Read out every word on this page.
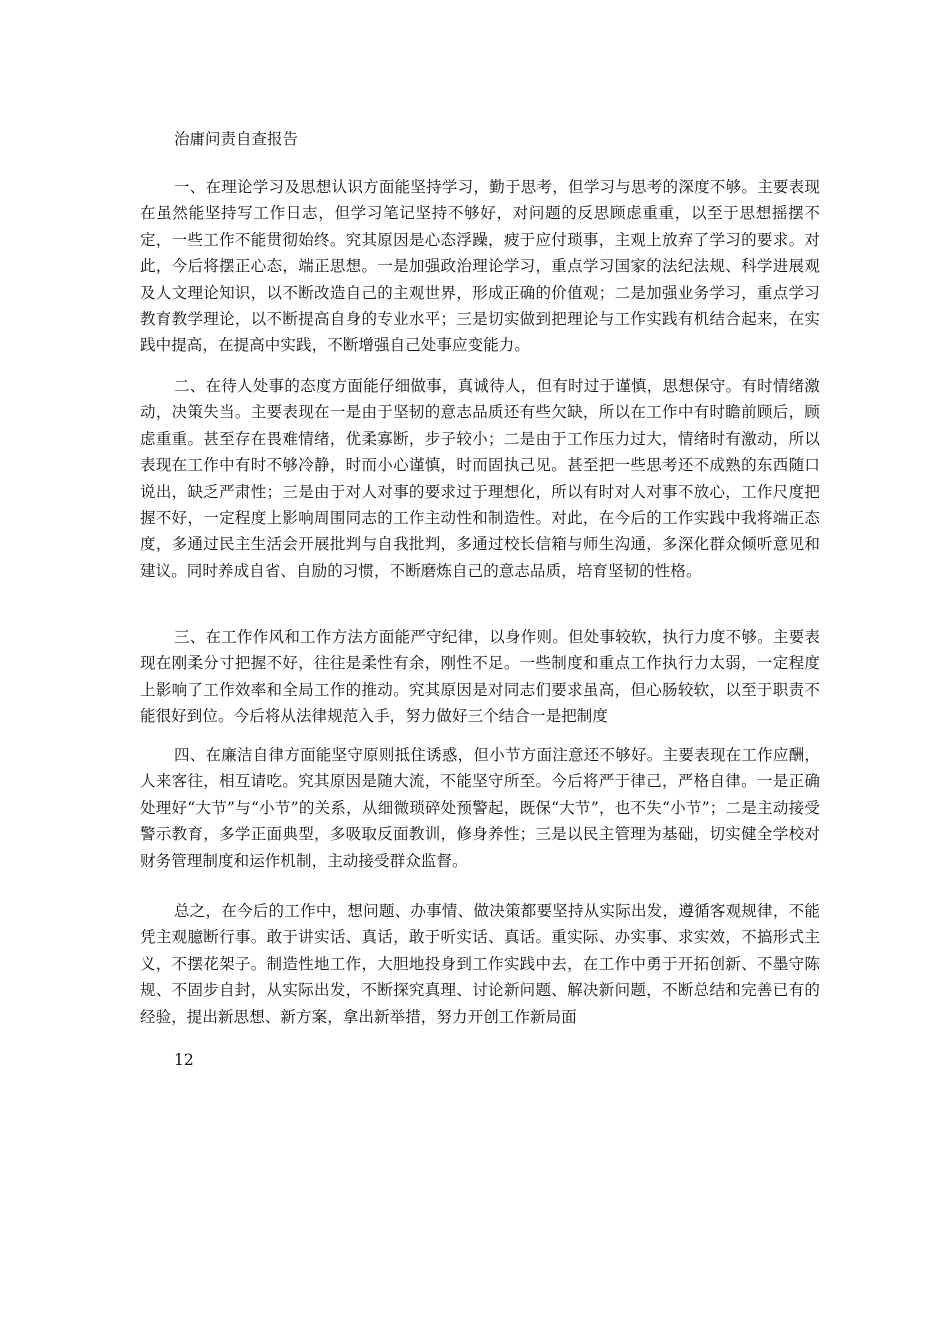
治庸问责自查报告

一、在理论学习及思想认识方面能坚持学习，勤于思考，但学习与思考的深度不够。主要表现在虽然能坚持写工作日志，但学习笔记坚持不够好，对问题的反思顾虑重重，以至于思想摇摆不定，一些工作不能贯彻始终。究其原因是心态浮躁，疲于应付琐事，主观上放弃了学习的要求。对此，今后将摆正心态，端正思想。一是加强政治理论学习，重点学习国家的法纪法规、科学进展观及人文理论知识，以不断改造自己的主观世界，形成正确的价值观；二是加强业务学习，重点学习教育教学理论，以不断提高自身的专业水平；三是切实做到把理论与工作实践有机结合起来，在实践中提高，在提高中实践，不断增强自己处事应变能力。

二、在待人处事的态度方面能仔细做事，真诚待人，但有时过于谨慎，思想保守。有时情绪激动，决策失当。主要表现在一是由于坚韧的意志品质还有些欠缺，所以在工作中有时瞻前顾后，顾虑重重。甚至存在畏难情绪，优柔寡断，步子较小；二是由于工作压力过大，情绪时有激动，所以表现在工作中有时不够冷静，时而小心谨慎，时而固执己见。甚至把一些思考还不成熟的东西随口说出，缺乏严肃性；三是由于对人对事的要求过于理想化，所以有时对人对事不放心，工作尺度把握不好，一定程度上影响周围同志的工作主动性和制造性。对此，在今后的工作实践中我将端正态度，多通过民主生活会开展批判与自我批判，多通过校长信箱与师生沟通，多深化群众倾听意见和建议。同时养成自省、自励的习惯，不断磨炼自己的意志品质，培育坚韧的性格。

三、在工作作风和工作方法方面能严守纪律，以身作则。但处事较软，执行力度不够。主要表现在刚柔分寸把握不好，往往是柔性有余，刚性不足。一些制度和重点工作执行力太弱，一定程度上影响了工作效率和全局工作的推动。究其原因是对同志们要求虽高，但心肠较软，以至于职责不能很好到位。今后将从法律规范入手，努力做好三个结合一是把制度

四、在廉洁自律方面能坚守原则抵住诱惑，但小节方面注意还不够好。主要表现在工作应酬，人来客往，相互请吃。究其原因是随大流，不能坚守所至。今后将严于律己，严格自律。一是正确处理好“大节”与“小节”的关系，从细微琐碎处预警起，既保“大节”，也不失“小节”；二是主动接受警示教育，多学正面典型，多吸取反面教训，修身养性；三是以民主管理为基础，切实健全学校对财务管理制度和运作机制，主动接受群众监督。

总之，在今后的工作中，想问题、办事情、做决策都要坚持从实际出发，遵循客观规律，不能凭主观臆断行事。敢于讲实话、真话，敢于听实话、真话。重实际、办实事、求实效，不搞形式主义，不摆花架子。制造性地工作，大胆地投身到工作实践中去，在工作中勇于开拓创新、不墨守陈规、不固步自封，从实际出发，不断探究真理、讨论新问题、解决新问题，不断总结和完善已有的经验，提出新思想、新方案，拿出新举措，努力开创工作新局面

12
